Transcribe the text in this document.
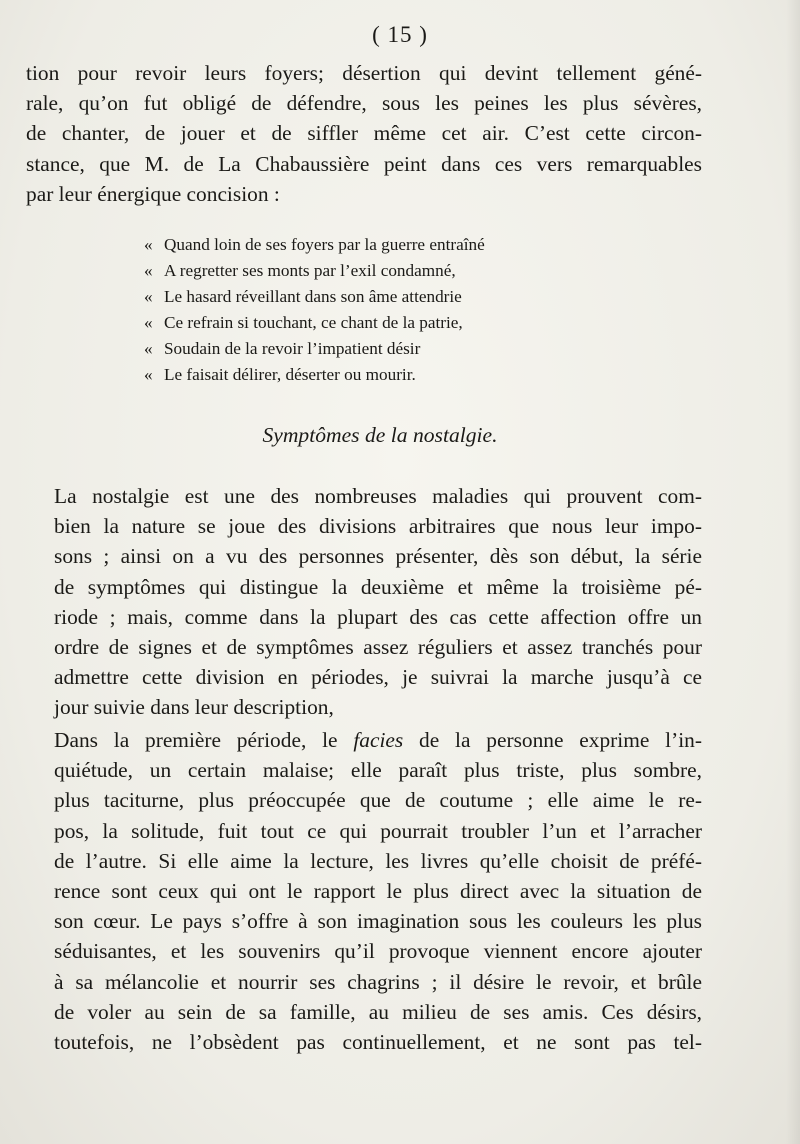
( 15 )

tion pour revoir leurs foyers; désertion qui devint tellement géné-
rale, qu’on fut obligé de défendre, sous les peines les plus sévères,
de chanter, de jouer et de siffler même cet air. C’est cette circon-
stance, que M. de La Chabaussière peint dans ces vers remarquables
par leur énergique concision :

« Quand loin de ses foyers par la guerre entraîné
« A regretter ses monts par l’exil condamné,
« Le hasard réveillant dans son âme attendrie
« Ce refrain si touchant, ce chant de la patrie,
« Soudain de la revoir l’impatient désir
« Le faisait délirer, déserter ou mourir.
Symptômes de la nostalgie.

La nostalgie est une des nombreuses maladies qui prouvent com-
bien la nature se joue des divisions arbitraires que nous leur impo-
sons ; ainsi on a vu des personnes présenter, dès son début, la série
de symptômes qui distingue la deuxième et même la troisième pé-
riode ; mais, comme dans la plupart des cas cette affection offre un
ordre de signes et de symptômes assez réguliers et assez tranchés pour
admettre cette division en périodes, je suivrai la marche jusqu’à ce
jour suivie dans leur description,

Dans la première période, le facies de la personne exprime l’in-
quiétude, un certain malaise; elle paraît plus triste, plus sombre,
plus taciturne, plus préoccupée que de coutume ; elle aime le re-
pos, la solitude, fuit tout ce qui pourrait troubler l’un et l’arracher
de l’autre. Si elle aime la lecture, les livres qu’elle choisit de préfé-
rence sont ceux qui ont le rapport le plus direct avec la situation de
son cœur. Le pays s’offre à son imagination sous les couleurs les plus
séduisantes, et les souvenirs qu’il provoque viennent encore ajouter
à sa mélancolie et nourrir ses chagrins ; il désire le revoir, et brûle
de voler au sein de sa famille, au milieu de ses amis. Ces désirs,
toutefois, ne l’obsèdent pas continuellement, et ne sont pas tel-
